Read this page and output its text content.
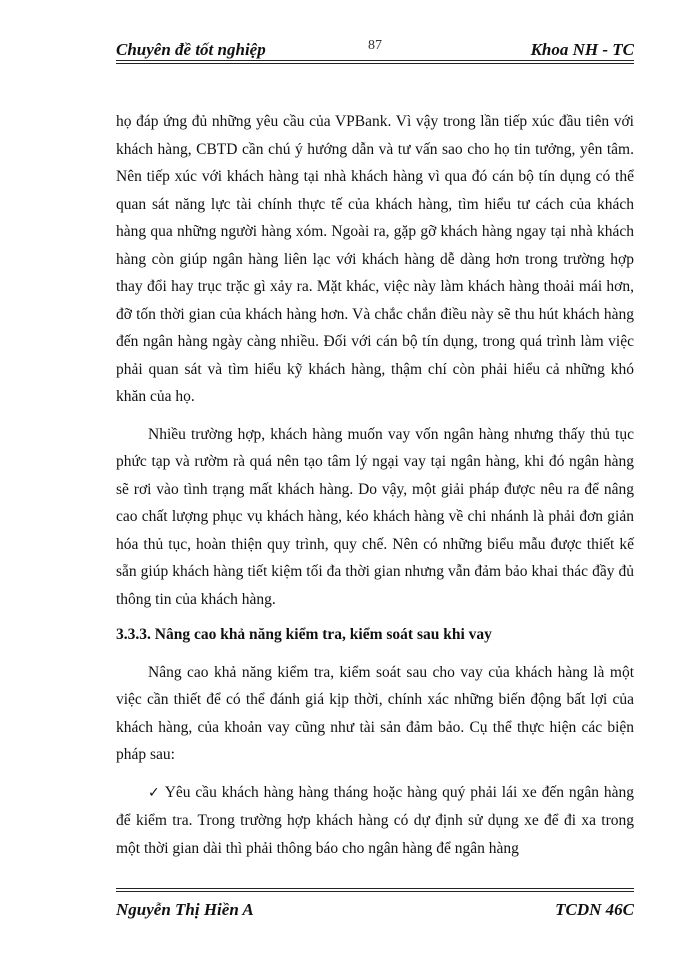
Chuyên đề tốt nghiệp	87	Khoa NH - TC

họ đáp ứng đủ những yêu cầu của VPBank. Vì vậy trong lần tiếp xúc đầu tiên với khách hàng, CBTD cần chú ý hướng dẫn và tư vấn sao cho họ tin tưởng, yên tâm. Nên tiếp xúc với khách hàng tại nhà khách hàng vì qua đó cán bộ tín dụng có thể quan sát năng lực tài chính thực tế của khách hàng, tìm hiểu tư cách của khách hàng qua những người hàng xóm. Ngoài ra, gặp gỡ khách hàng ngay tại nhà khách hàng còn giúp ngân hàng liên lạc với khách hàng dễ dàng hơn trong trường hợp thay đổi hay trục trặc gì xảy ra. Mặt khác, việc này làm khách hàng thoải mái hơn, đỡ tốn thời gian của khách hàng hơn. Và chắc chắn điều này sẽ thu hút khách hàng đến ngân hàng ngày càng nhiều. Đối với cán bộ tín dụng, trong quá trình làm việc phải quan sát và tìm hiểu kỹ khách hàng, thậm chí còn phải hiểu cả những khó khăn của họ.

Nhiều trường hợp, khách hàng muốn vay vốn ngân hàng nhưng thấy thủ tục phức tạp và rườm rà quá nên tạo tâm lý ngại vay tại ngân hàng, khi đó ngân hàng sẽ rơi vào tình trạng mất khách hàng. Do vậy, một giải pháp được nêu ra để nâng cao chất lượng phục vụ khách hàng, kéo khách hàng về chi nhánh là phải đơn giản hóa thủ tục, hoàn thiện quy trình, quy chế. Nên có những biểu mẫu được thiết kế sẵn giúp khách hàng tiết kiệm tối đa thời gian nhưng vẫn đảm bảo khai thác đầy đủ thông tin của khách hàng.

3.3.3. Nâng cao khả năng kiểm tra, kiểm soát sau khi vay

Nâng cao khả năng kiểm tra, kiểm soát sau cho vay của khách hàng là một việc cần thiết để có thể đánh giá kịp thời, chính xác những biến động bất lợi của khách hàng, của khoản vay cũng như tài sản đảm bảo. Cụ thể thực hiện các biện pháp sau:

✓ Yêu cầu khách hàng hàng tháng hoặc hàng quý phải lái xe đến ngân hàng để kiểm tra. Trong trường hợp khách hàng có dự định sử dụng xe để đi xa trong một thời gian dài thì phải thông báo cho ngân hàng để ngân hàng

Nguyễn Thị Hiền A	TCDN 46C
